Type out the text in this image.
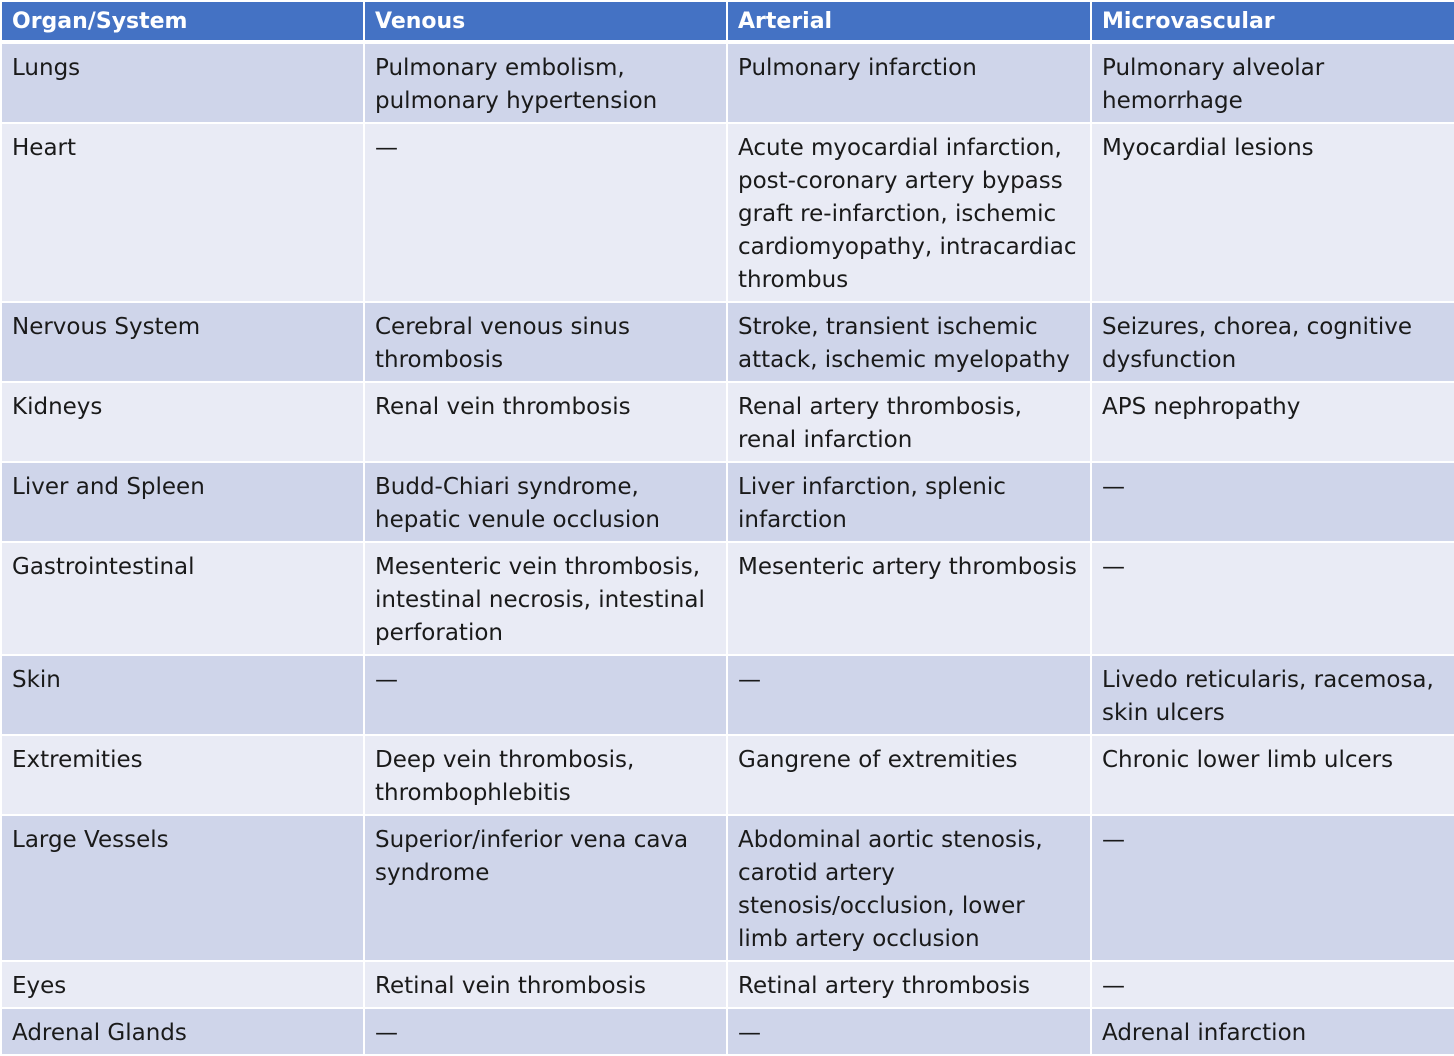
Organ/System	Venous	Arterial	Microvascular
Lungs	Pulmonary embolism, pulmonary hypertension	Pulmonary infarction	Pulmonary alveolar hemorrhage
Heart	—	Acute myocardial infarction, post-coronary artery bypass graft re-infarction, ischemic cardiomyopathy, intracardiac thrombus	Myocardial lesions
Nervous System	Cerebral venous sinus thrombosis	Stroke, transient ischemic attack, ischemic myelopathy	Seizures, chorea, cognitive dysfunction
Kidneys	Renal vein thrombosis	Renal artery thrombosis, renal infarction	APS nephropathy
Liver and Spleen	Budd-Chiari syndrome, hepatic venule occlusion	Liver infarction, splenic infarction	—
Gastrointestinal	Mesenteric vein thrombosis, intestinal necrosis, intestinal perforation	Mesenteric artery thrombosis	—
Skin	—	—	Livedo reticularis, racemosa, skin ulcers
Extremities	Deep vein thrombosis, thrombophlebitis	Gangrene of extremities	Chronic lower limb ulcers
Large Vessels	Superior/inferior vena cava syndrome	Abdominal aortic stenosis, carotid artery stenosis/occlusion, lower limb artery occlusion	—
Eyes	Retinal vein thrombosis	Retinal artery thrombosis	—
Adrenal Glands	—	—	Adrenal infarction
